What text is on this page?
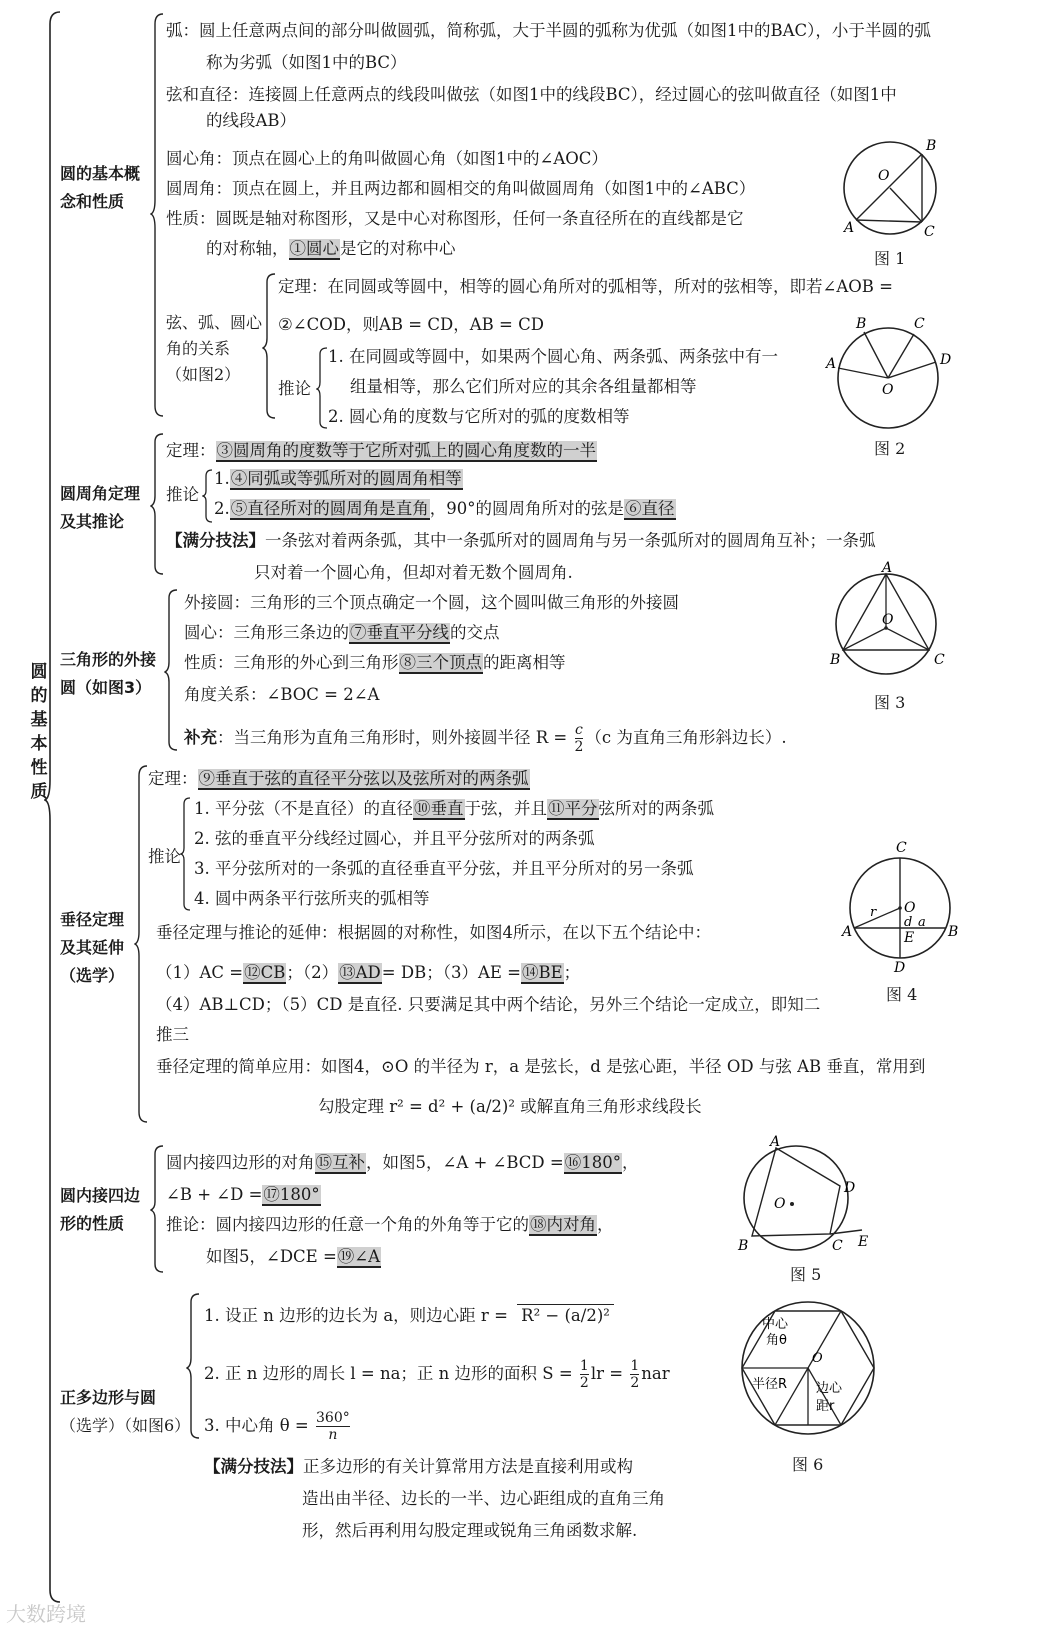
圆的基本性质
圆的基本概
念和性质
弧：圆上任意两点间的部分叫做圆弧，简称弧，大于半圆的弧称为优弧（如图1中的BAC），小于半圆的弧
称为劣弧（如图1中的BC）
弦和直径：连接圆上任意两点的线段叫做弦（如图1中的线段BC），经过圆心的弦叫做直径（如图1中
的线段AB）
圆心角：顶点在圆心上的角叫做圆心角（如图1中的∠AOC）
圆周角：顶点在圆上，并且两边都和圆相交的角叫做圆周角（如图1中的∠ABC）
性质：圆既是轴对称图形，又是中心对称图形，任何一条直径所在的直线都是它
的对称轴，①圆心是它的对称中心
B
O
A	C
图 1
弦、弧、圆心
角的关系
（如图2）
定理：在同圆或等圆中，相等的圆心角所对的弧相等，所对的弦相等，即若∠AOB =
②∠COD，则AB = CD，AB = CD
推论
1. 在同圆或等圆中，如果两个圆心角、两条弧、两条弦中有一
组量相等，那么它们所对应的其余各组量都相等
2. 圆心角的度数与它所对的弧的度数相等
B	C
A	D
O
图 2
圆周角定理
及其推论
定理：③圆周角的度数等于它所对弧上的圆心角度数的一半
推论
1.④同弧或等弧所对的圆周角相等
2.⑤直径所对的圆周角是直角，90°的圆周角所对的弦是⑥直径
【满分技法】一条弦对着两条弧，其中一条弧所对的圆周角与另一条弧所对的圆周角互补；一条弧
只对着一个圆心角，但却对着无数个圆周角.
三角形的外接
圆（如图3）
外接圆：三角形的三个顶点确定一个圆，这个圆叫做三角形的外接圆
圆心：三角形三条边的⑦垂直平分线的交点
性质：三角形的外心到三角形⑧三个顶点的距离相等
角度关系：∠BOC = 2∠A
补充：当三角形为直角三角形时，则外接圆半径 $R = \frac{c}{2} (c$ 为直角三角形斜边长）.
A
O
B	C
图 3
垂径定理
及其延伸
（选学）
定理：⑨垂直于弦的直径平分弦以及弦所对的两条弧
推论
1. 平分弦（不是直径）的直径⑩垂直于弦，并且⑪平分弦所对的两条弧
2. 弦的垂直平分线经过圆心，并且平分弦所对的两条弧
3. 平分弦所对的一条弧的直径垂直平分弦，并且平分所对的另一条弧
4. 圆中两条平行弦所夹的弧相等
垂径定理与推论的延伸：根据圆的对称性，如图4所示，在以下五个结论中：
（1）AC =⑫CB；（2）⑬AD= DB；（3）AE =⑭BE；
（4）AB⊥CD；（5）CD 是直径. 只要满足其中两个结论，另外三个结论一定成立，即知二
推三
垂径定理的简单应用：如图4，⊙O 的半径为 r，a 是弦长，d 是弦心距，半径 OD 与弦 AB 垂直，常用到
勾股定理 r² = d² + (a/2)² 或解直角三角形求线段长
C
O
r
d a
A	B
E
D
图 4
圆内接四边
形的性质
圆内接四边形的对角⑮互补，如图5，∠A + ∠BCD =⑯180°，
∠B + ∠D =⑰180°
推论：圆内接四边形的任意一个角的外角等于它的⑱内对角，
如图5，∠DCE =⑲∠A
A
D
O
B	C E
图 5
正多边形与圆
（选学）（如图6）
1. 设正 n 边形的边长为 a，则边心距 r = R² − (a/2)²
2. 正 n 边形的周长 l = na；正 n 边形的面积 $S = \frac{1}{2}$ lr = $\frac{1}{2}$ nar
3. 中心角 $\theta = \frac{360^\circ}{n}$
【满分技法】正多边形的有关计算常用方法是直接利用或构
造出由半径、边长的一半、边心距组成的直角三角
形，然后再利用勾股定理或锐角三角函数求解.
O
中心
角θ
半径R 边心
距r
图 6
大数跨境
